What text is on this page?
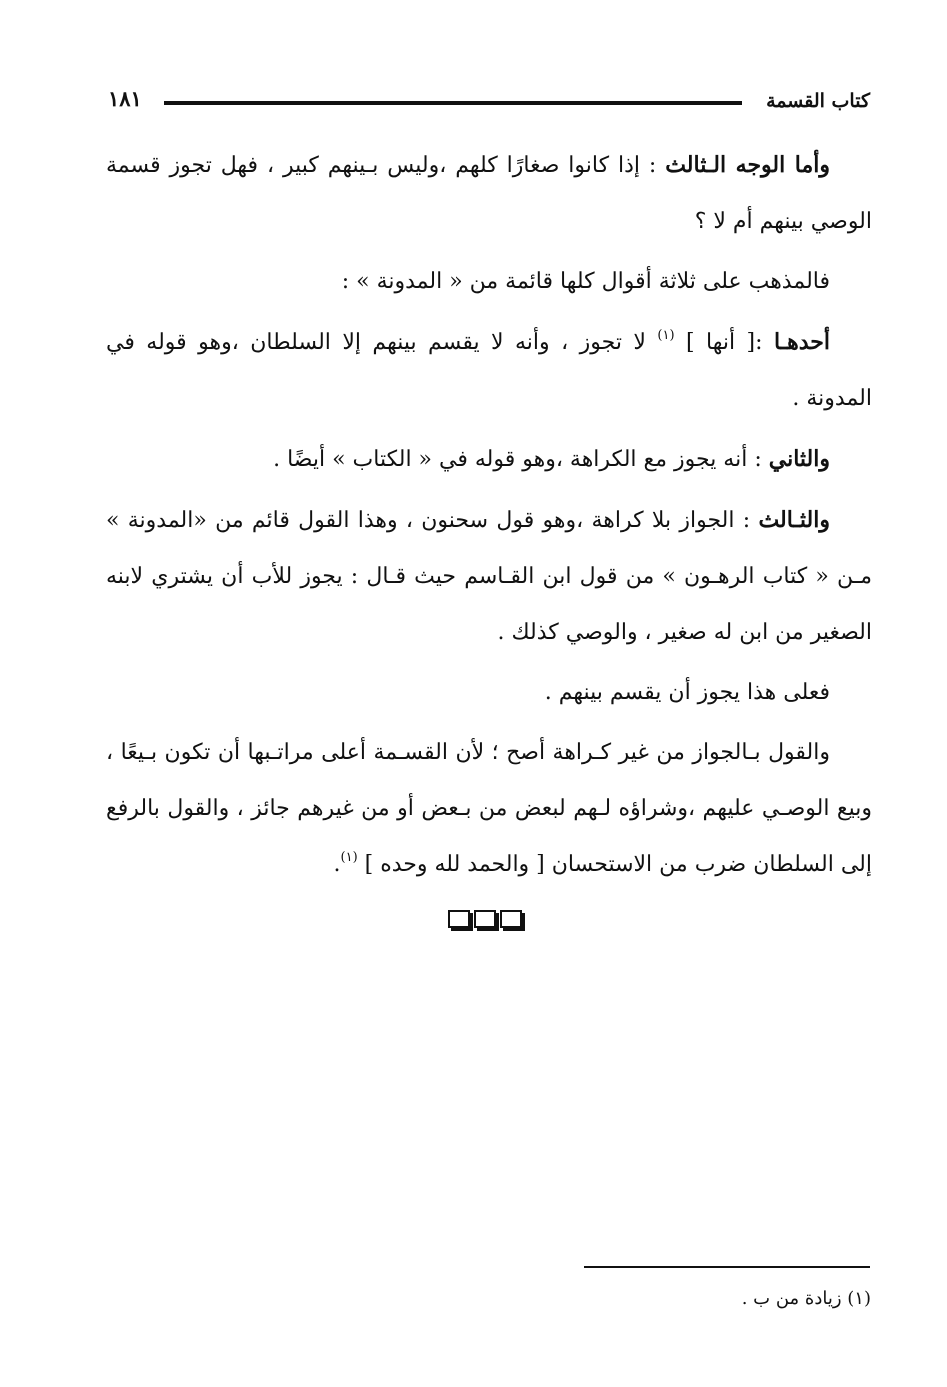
كتاب القسمة
١٨١

وأما الوجه الـثالث : إذا كانوا صغارًا كلهم ،وليس بـينهم كبير ، فهل تجوز قسمة الوصي بينهم أم لا ؟

فالمذهب على ثلاثة أقوال كلها قائمة من « المدونة » :

أحدهـا :[ أنها ] $^{(١)}$ لا تجوز ، وأنه لا يقسم بينهم إلا السلطان ،وهو قوله في المدونة .

والثاني : أنه يجوز مع الكراهة ،وهو قوله في « الكتاب » أيضًا .

والثـالث : الجواز بلا كراهة ،وهو قول سحنون ، وهذا القول قائم من «المدونة » مـن « كتاب الرهـون » من قول ابن القـاسم حيث قـال : يجوز للأب أن يشتري لابنه الصغير من ابن له صغير ، والوصي كذلك .

فعلى هذا يجوز أن يقسم بينهم .

والقول بـالجواز من غير كـراهة أصح ؛ لأن القسـمة أعلى مراتـبها أن تكون بـيعًا ، وبيع الوصـي عليهم ،وشراؤه لـهم لبعض من بـعض أو من غيرهم جائز ، والقول بالرفع إلى السلطان ضرب من الاستحسان [ والحمد لله وحده ] $^{(١)}$.

(١) زيادة من ب .
